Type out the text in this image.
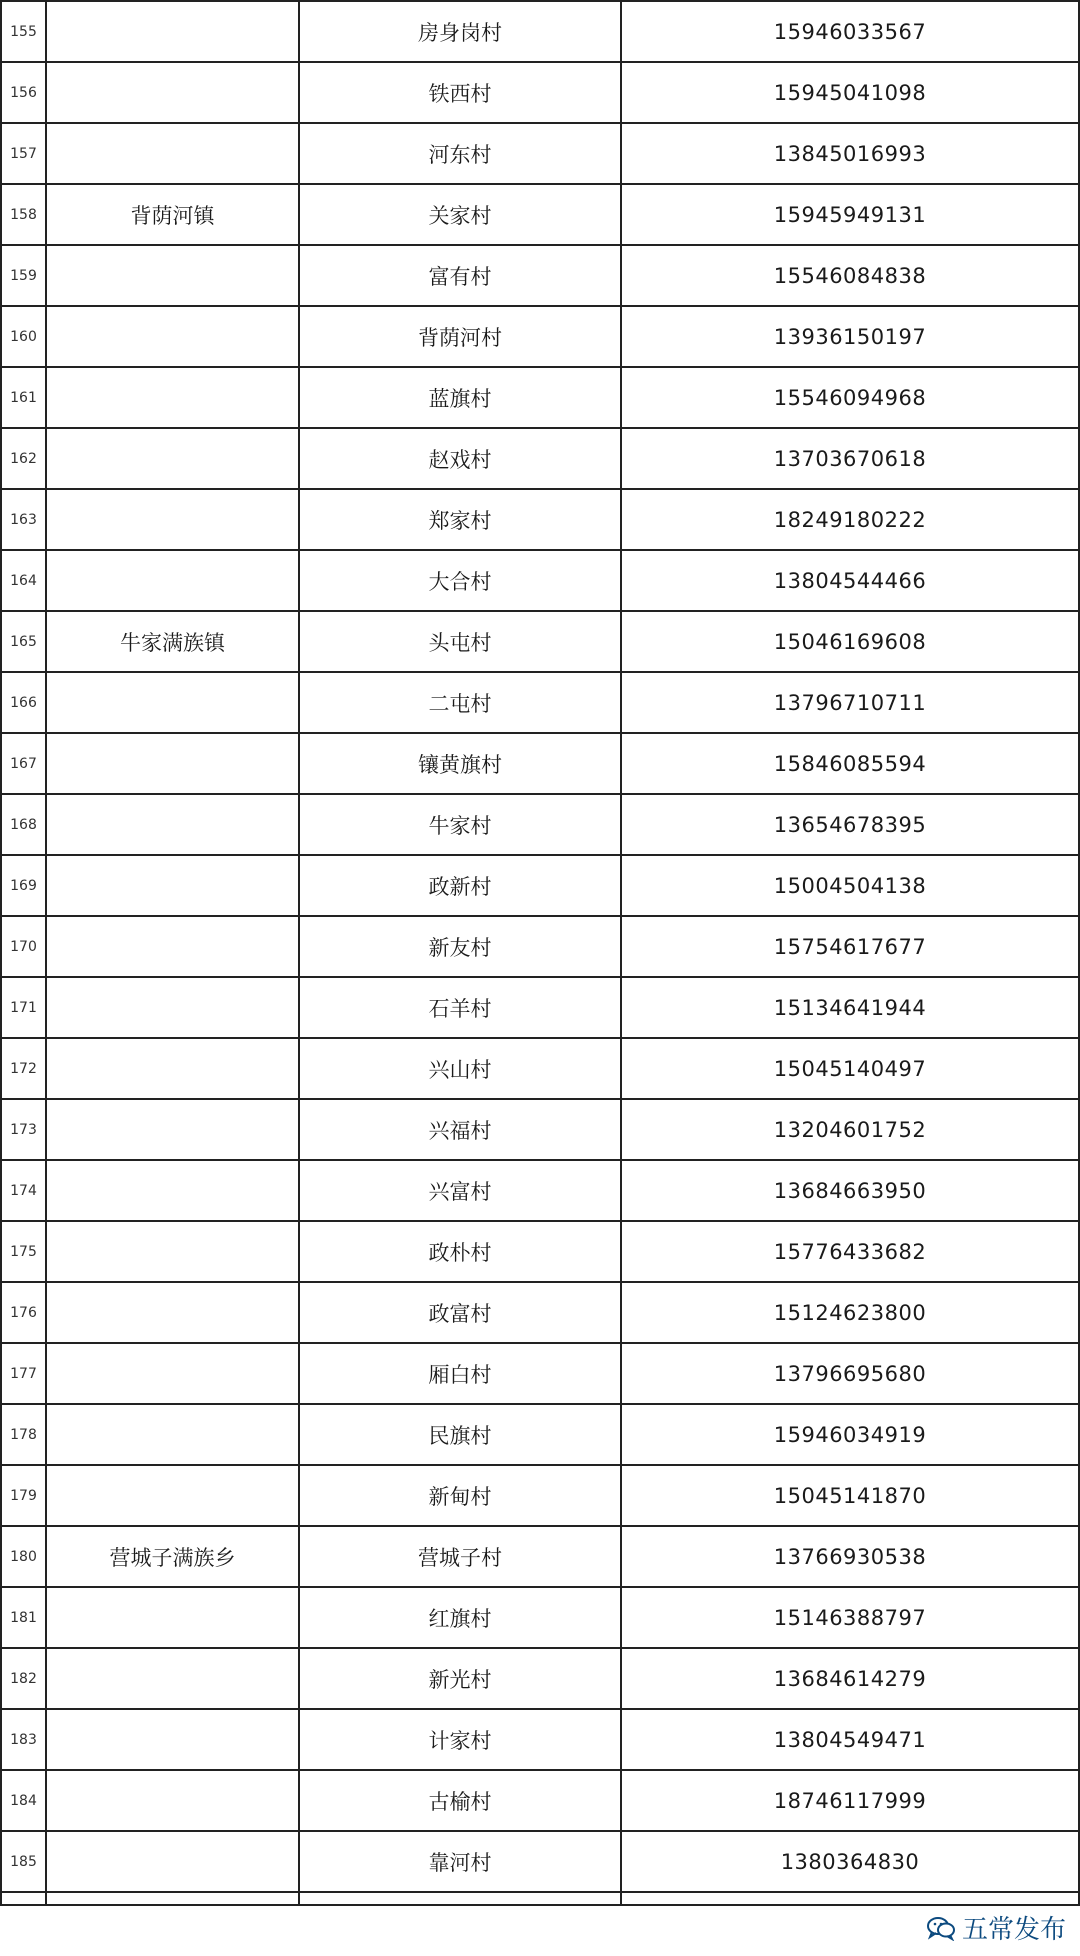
155		房身岗村	15946033567
156		铁西村	15945041098
157		河东村	13845016993
158	背荫河镇	关家村	15945949131
159		富有村	15546084838
160		背荫河村	13936150197
161		蓝旗村	15546094968
162		赵戏村	13703670618
163		郑家村	18249180222
164		大合村	13804544466
165	牛家满族镇	头屯村	15046169608
166		二屯村	13796710711
167		镶黄旗村	15846085594
168		牛家村	13654678395
169		政新村	15004504138
170		新友村	15754617677
171		石羊村	15134641944
172		兴山村	15045140497
173		兴福村	13204601752
174		兴富村	13684663950
175		政朴村	15776433682
176		政富村	15124623800
177		厢白村	13796695680
178		民旗村	15946034919
179		新甸村	15045141870
180	营城子满族乡	营城子村	13766930538
181		红旗村	15146388797
182		新光村	13684614279
183		计家村	13804549471
184		古榆村	18746117999
185		靠河村	1380364830

五常发布
